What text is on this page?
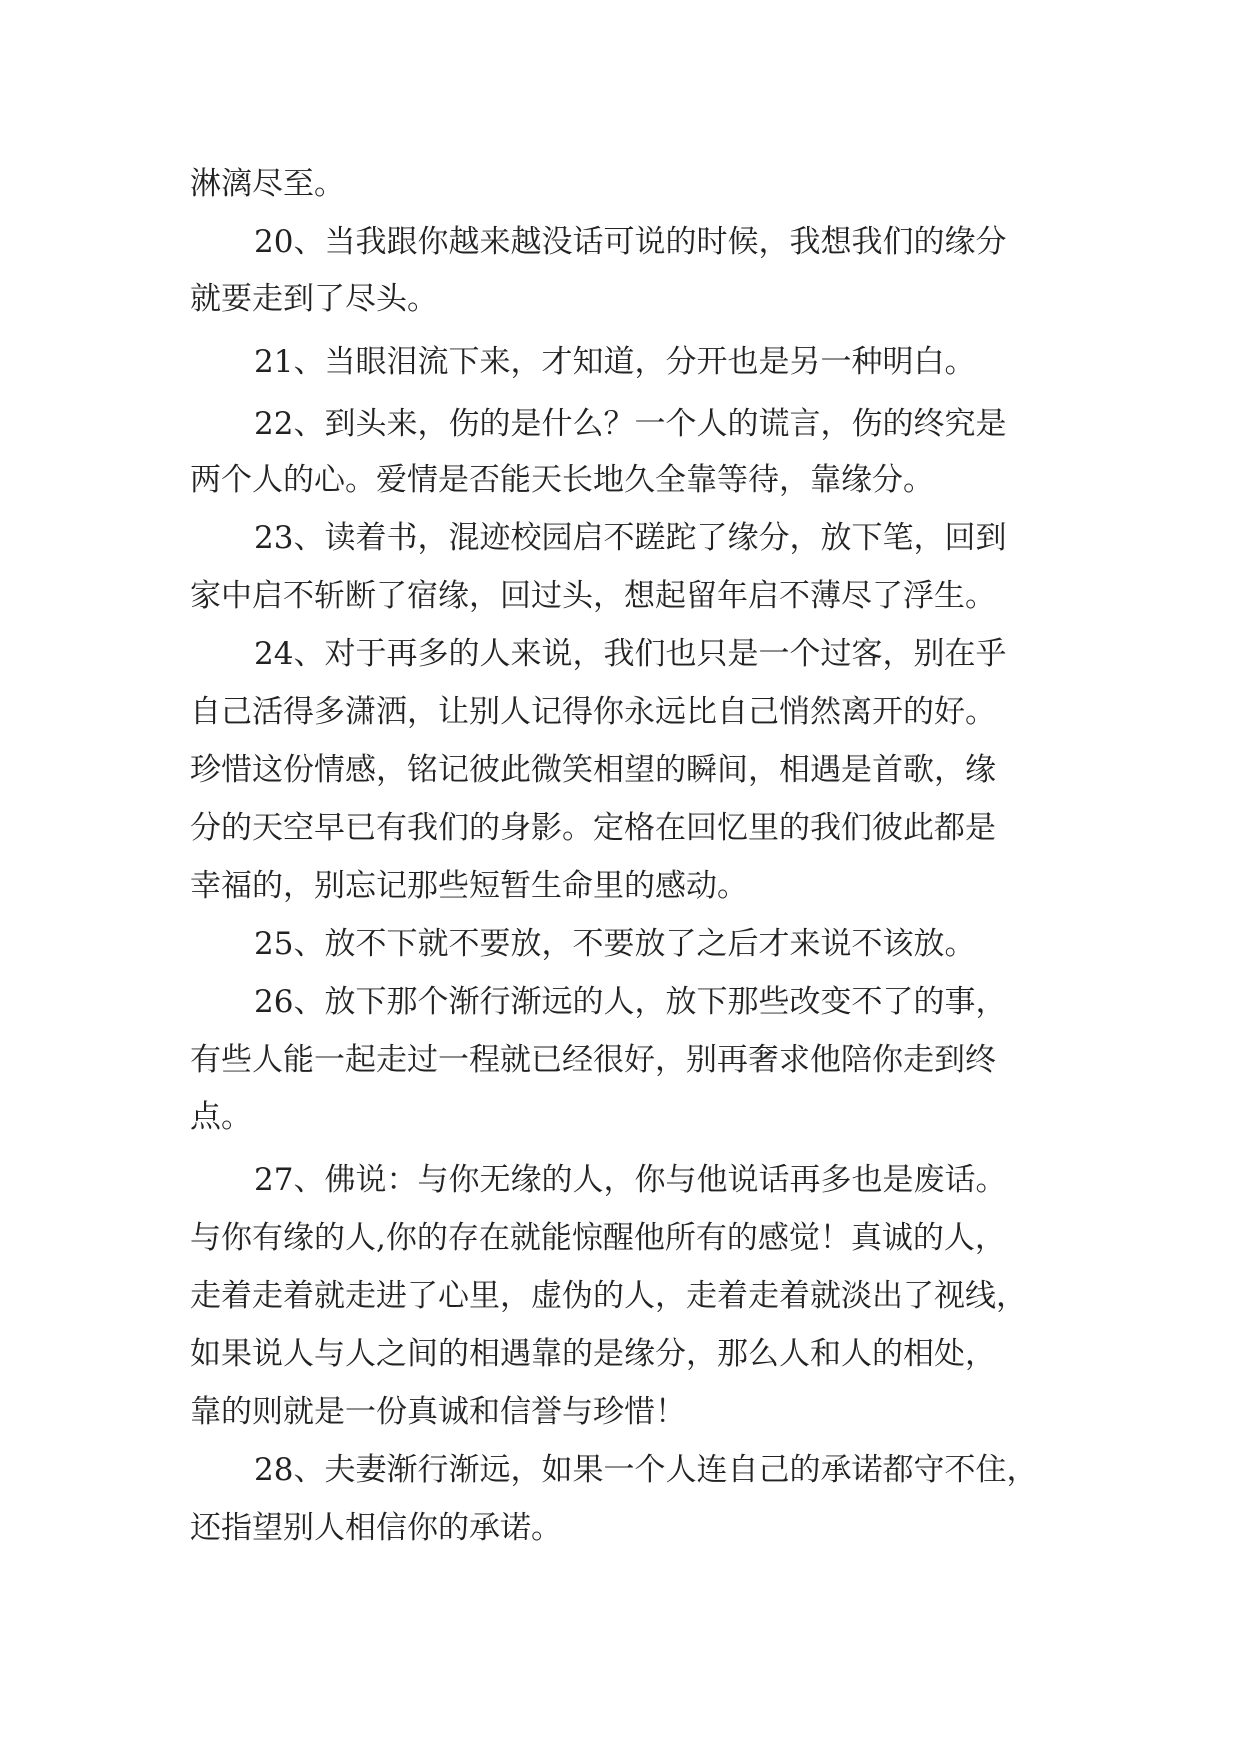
淋漓尽至。
20、当我跟你越来越没话可说的时候，我想我们的缘分
就要走到了尽头。
21、当眼泪流下来，才知道，分开也是另一种明白。
22、到头来，伤的是什么？一个人的谎言，伤的终究是
两个人的心。爱情是否能天长地久全靠等待，靠缘分。
23、读着书，混迹校园启不蹉跎了缘分，放下笔，回到
家中启不斩断了宿缘，回过头，想起留年启不薄尽了浮生。
24、对于再多的人来说，我们也只是一个过客，别在乎
自己活得多潇洒，让别人记得你永远比自己悄然离开的好。
珍惜这份情感，铭记彼此微笑相望的瞬间，相遇是首歌，缘
分的天空早已有我们的身影。定格在回忆里的我们彼此都是
幸福的，别忘记那些短暂生命里的感动。
25、放不下就不要放，不要放了之后才来说不该放。
26、放下那个渐行渐远的人，放下那些改变不了的事，
有些人能一起走过一程就已经很好，别再奢求他陪你走到终
点。
27、佛说：与你无缘的人，你与他说话再多也是废话。
与你有缘的人,你的存在就能惊醒他所有的感觉！真诚的人，
走着走着就走进了心里，虚伪的人，走着走着就淡出了视线，
如果说人与人之间的相遇靠的是缘分，那么人和人的相处，
靠的则就是一份真诚和信誉与珍惜！
28、夫妻渐行渐远，如果一个人连自己的承诺都守不住，
还指望别人相信你的承诺。
